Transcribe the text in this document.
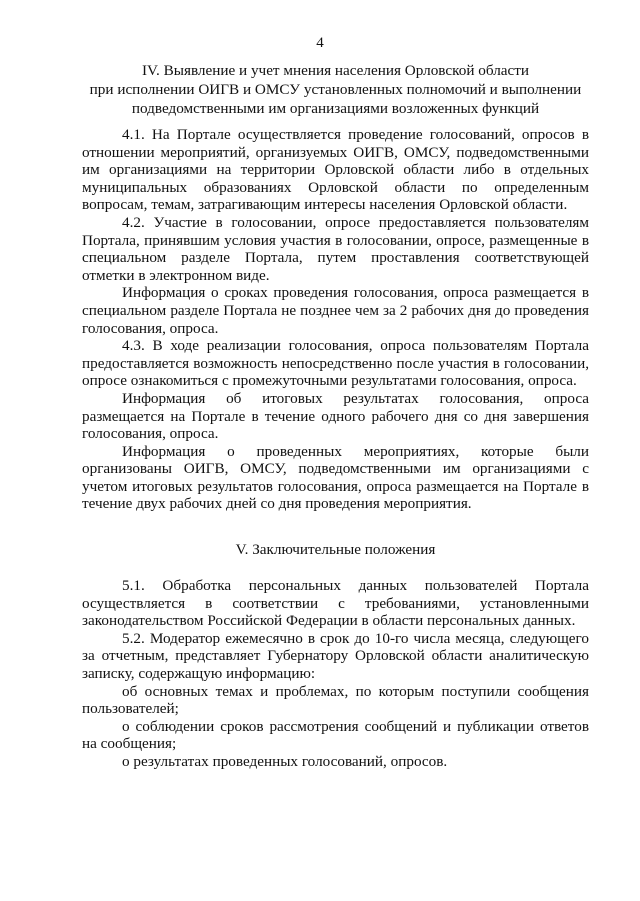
4
IV. Выявление и учет мнения населения Орловской области
при исполнении ОИГВ и ОМСУ установленных полномочий и выполнении
подведомственными им организациями возложенных функций

4.1. На Портале осуществляется проведение голосований, опросов в отношении мероприятий, организуемых ОИГВ, ОМСУ, подведомственными им организациями на территории Орловской области либо в отдельных муниципальных образованиях Орловской области по определенным вопросам, темам, затрагивающим интересы населения Орловской области.

4.2. Участие в голосовании, опросе предоставляется пользователям Портала, принявшим условия участия в голосовании, опросе, размещенные в специальном разделе Портала, путем проставления соответствующей отметки в электронном виде.

Информация о сроках проведения голосования, опроса размещается в специальном разделе Портала не позднее чем за 2 рабочих дня до проведения голосования, опроса.

4.3. В ходе реализации голосования, опроса пользователям Портала предоставляется возможность непосредственно после участия в голосовании, опросе ознакомиться с промежуточными результатами голосования, опроса.

Информация об итоговых результатах голосования, опроса размещается на Портале в течение одного рабочего дня со дня завершения голосования, опроса.

Информация о проведенных мероприятиях, которые были организованы ОИГВ, ОМСУ, подведомственными им организациями с учетом итоговых результатов голосования, опроса размещается на Портале в течение двух рабочих дней со дня проведения мероприятия.

V. Заключительные положения

5.1. Обработка персональных данных пользователей Портала осуществляется в соответствии с требованиями, установленными законодательством Российской Федерации в области персональных данных.

5.2. Модератор ежемесячно в срок до 10-го числа месяца, следующего за отчетным, представляет Губернатору Орловской области аналитическую записку, содержащую информацию:

об основных темах и проблемах, по которым поступили сообщения пользователей;

о соблюдении сроков рассмотрения сообщений и публикации ответов на сообщения;

о результатах проведенных голосований, опросов.
